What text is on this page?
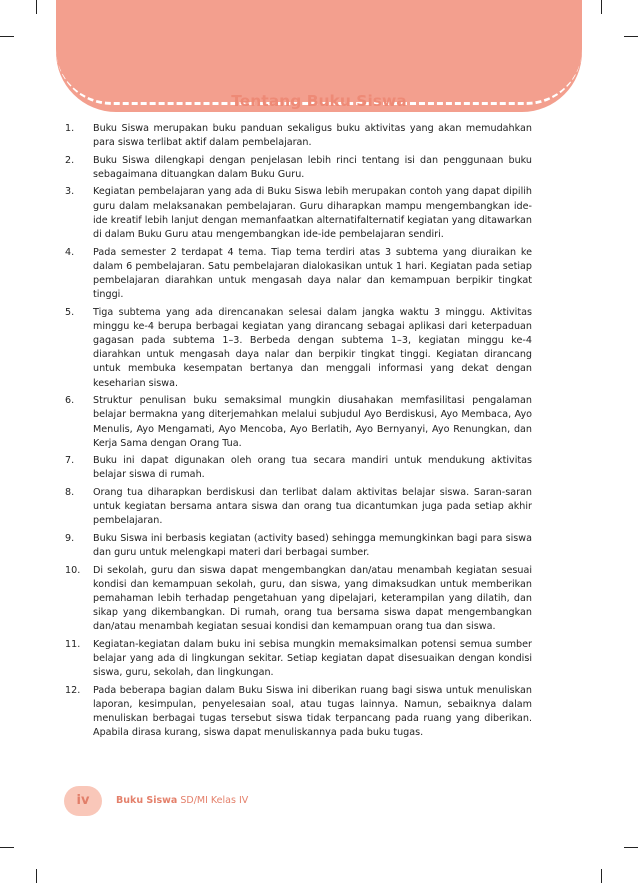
Tentang Buku Siswa
1.	Buku Siswa merupakan buku panduan sekaligus buku aktivitas yang akan memudahkan para siswa terlibat aktif dalam pembelajaran.
2.	Buku Siswa dilengkapi dengan penjelasan lebih rinci tentang isi dan penggunaan buku sebagaimana dituangkan dalam Buku Guru.
3.	Kegiatan pembelajaran yang ada di Buku Siswa lebih merupakan contoh yang dapat dipilih guru dalam melaksanakan pembelajaran. Guru diharapkan mampu mengembangkan ide-ide kreatif lebih lanjut dengan memanfaatkan alternatifalternatif kegiatan yang ditawarkan di dalam Buku Guru atau mengembangkan ide-ide pembelajaran sendiri.
4.	Pada semester 2 terdapat 4 tema. Tiap tema terdiri atas 3 subtema yang diuraikan ke dalam 6 pembelajaran. Satu pembelajaran dialokasikan untuk 1 hari. Kegiatan pada setiap pembelajaran diarahkan untuk mengasah daya nalar dan kemampuan berpikir tingkat tinggi.
5.	Tiga subtema yang ada direncanakan selesai dalam jangka waktu 3 minggu. Aktivitas minggu ke-4 berupa berbagai kegiatan yang dirancang sebagai aplikasi dari keterpaduan gagasan pada subtema 1–3. Berbeda dengan subtema 1–3, kegiatan minggu ke-4 diarahkan untuk mengasah daya nalar dan berpikir tingkat tinggi. Kegiatan dirancang untuk membuka kesempatan bertanya dan menggali informasi yang dekat dengan keseharian siswa.
6.	Struktur penulisan buku semaksimal mungkin diusahakan memfasilitasi pengalaman belajar bermakna yang diterjemahkan melalui subjudul Ayo Berdiskusi, Ayo Membaca, Ayo Menulis, Ayo Mengamati, Ayo Mencoba, Ayo Berlatih, Ayo Bernyanyi, Ayo Renungkan, dan Kerja Sama dengan Orang Tua.
7.	Buku ini dapat digunakan oleh orang tua secara mandiri untuk mendukung aktivitas belajar siswa di rumah.
8.	Orang tua diharapkan berdiskusi dan terlibat dalam aktivitas belajar siswa. Saran-saran untuk kegiatan bersama antara siswa dan orang tua dicantumkan juga pada setiap akhir pembelajaran.
9.	Buku Siswa ini berbasis kegiatan (activity based) sehingga memungkinkan bagi para siswa dan guru untuk melengkapi materi dari berbagai sumber.
10.	Di sekolah, guru dan siswa dapat mengembangkan dan/atau menambah kegiatan sesuai kondisi dan kemampuan sekolah, guru, dan siswa, yang dimaksudkan untuk memberikan pemahaman lebih terhadap pengetahuan yang dipelajari, keterampilan yang dilatih, dan sikap yang dikembangkan. Di rumah, orang tua bersama siswa dapat mengembangkan dan/atau menambah kegiatan sesuai kondisi dan kemampuan orang tua dan siswa.
11.	Kegiatan-kegiatan dalam buku ini sebisa mungkin memaksimalkan potensi semua sumber belajar yang ada di lingkungan sekitar. Setiap kegiatan dapat disesuaikan dengan kondisi siswa, guru, sekolah, dan lingkungan.
12.	Pada beberapa bagian dalam Buku Siswa ini diberikan ruang bagi siswa untuk menuliskan laporan, kesimpulan, penyelesaian soal, atau tugas lainnya. Namun, sebaiknya dalam menuliskan berbagai tugas tersebut siswa tidak terpancang pada ruang yang diberikan. Apabila dirasa kurang, siswa dapat menuliskannya pada buku tugas.
iv	Buku Siswa SD/MI Kelas IV
